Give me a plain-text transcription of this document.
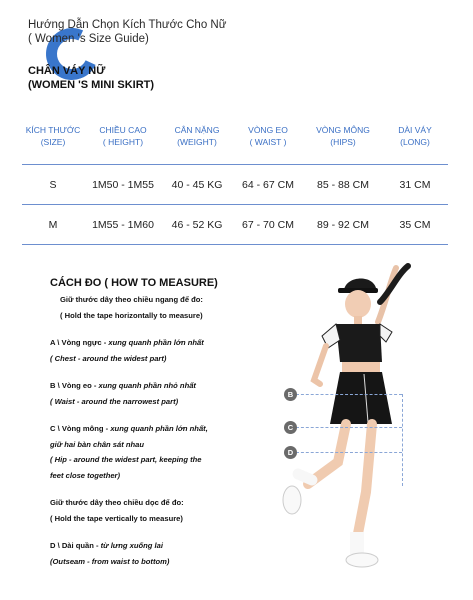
Hướng Dẫn Chọn Kích Thước Cho Nữ
( Women 's Size Guide)
CHÂN VÁY NỮ
(WOMEN 'S MINI SKIRT)
KÍCH THƯỚC
(SIZE)
CHIỀU CAO
( HEIGHT)
CÂN NẶNG
(WEIGHT)
VÒNG EO
( WAIST )
VÒNG MÔNG
(HIPS)
DÀI VÁY
(LONG)
S	1M50 - 1M55	40 - 45 KG	64 - 67 CM	85 - 88 CM	31 CM
M	1M55 - 1M60	46 - 52 KG	67 - 70 CM	89 - 92 CM	35 CM
CÁCH ĐO ( HOW TO MEASURE)
Giữ thước dây theo chiều ngang để đo:
( Hold the tape horizontally to measure)
A \ Vòng ngực - xung quanh phần lớn nhất
( Chest - around the widest part)
B \ Vòng eo - xung quanh phần nhỏ nhất
( Waist - around the narrowest part)
C \ Vòng mông - xung quanh phần lớn nhất,
giữ hai bàn chân sát nhau
( Hip - around the widest part, keeping the
feet close together)
Giữ thước dây theo chiều dọc để đo:
( Hold the tape vertically to measure)
D \ Dài quần - từ lưng xuống lai
(Outseam - from waist to bottom)
B
C
D
